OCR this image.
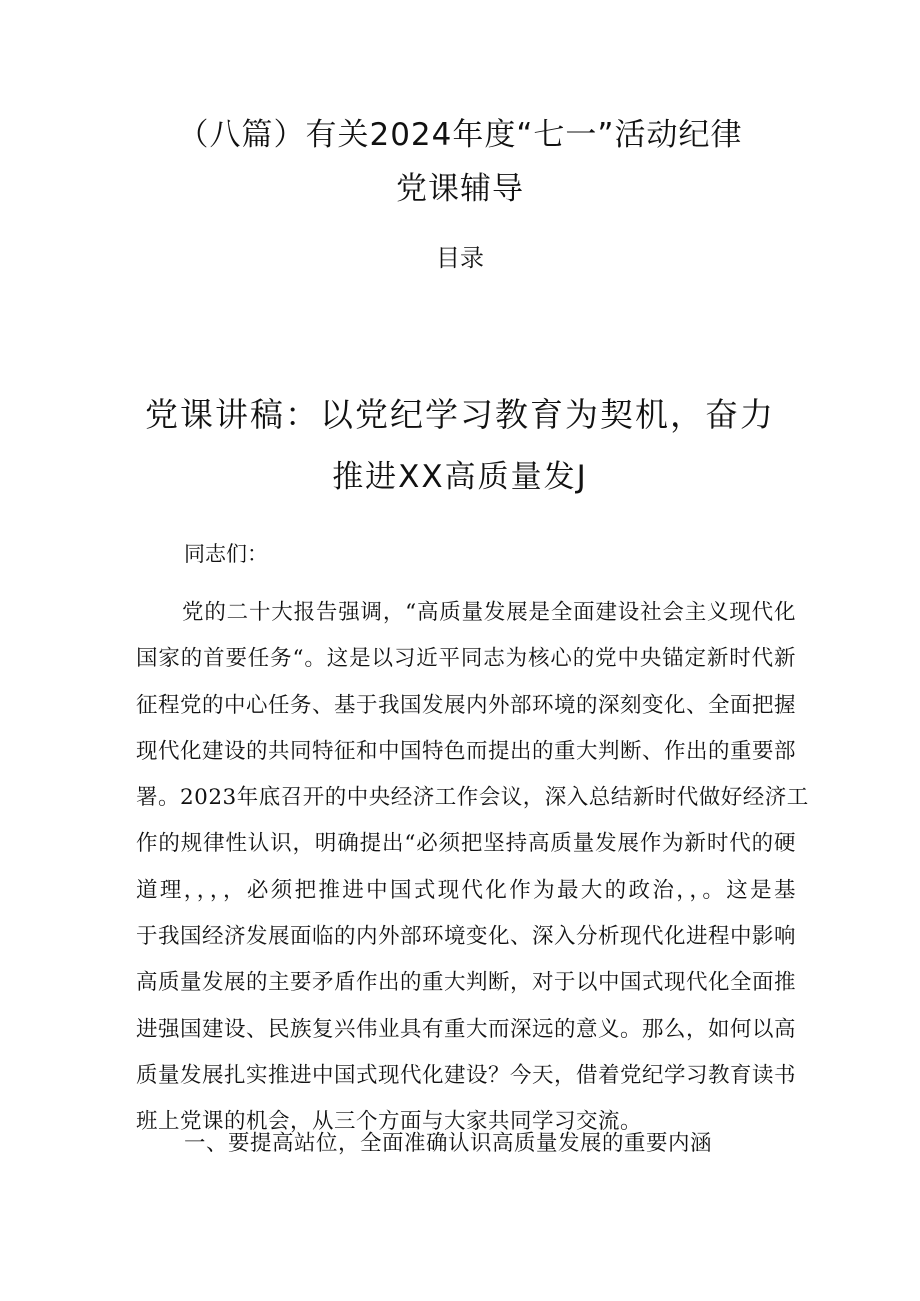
（八篇）有关2024年度“七一”活动纪律
党课辅导
目录
党课讲稿：以党纪学习教育为契机，奋力
推进XX高质量发J

同志们：

党的二十大报告强调，“高质量发展是全面建设社会主义现代化
国家的首要任务“。这是以习近平同志为核心的党中央锚定新时代新
征程党的中心任务、基于我国发展内外部环境的深刻变化、全面把握
现代化建设的共同特征和中国特色而提出的重大判断、作出的重要部
署。2023年底召开的中央经济工作会议，深入总结新时代做好经济工
作的规律性认识，明确提出“必须把坚持高质量发展作为新时代的硬
道理，，，，必须把推进中国式现代化作为最大的政治，，。这是基
于我国经济发展面临的内外部环境变化、深入分析现代化进程中影响
高质量发展的主要矛盾作出的重大判断，对于以中国式现代化全面推
进强国建设、民族复兴伟业具有重大而深远的意义。那么，如何以高
质量发展扎实推进中国式现代化建设？今天，借着党纪学习教育读书
班上党课的机会，从三个方面与大家共同学习交流。

一、要提高站位，全面准确认识高质量发展的重要内涵
